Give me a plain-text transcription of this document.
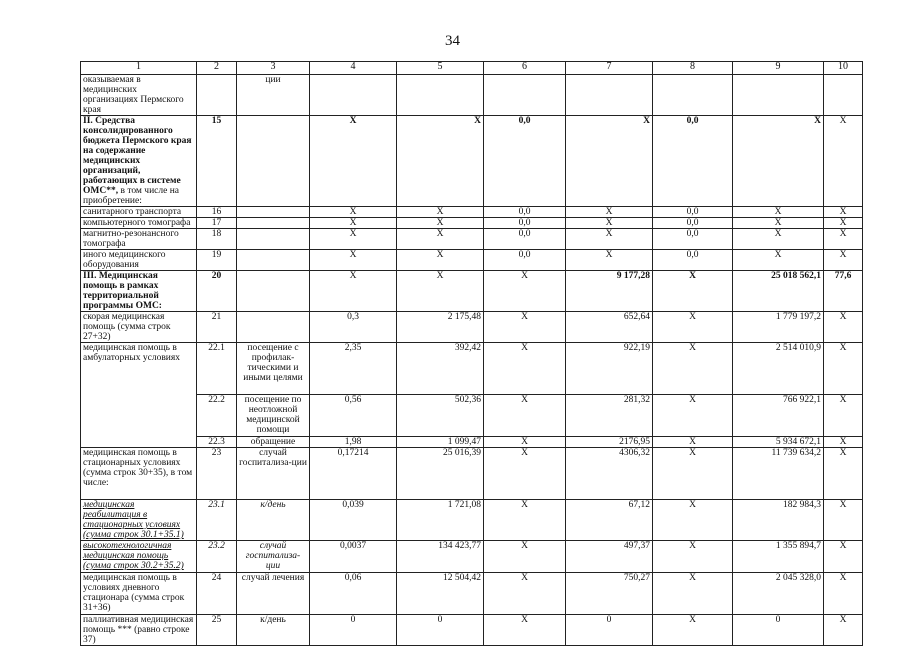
34
1	2	3	4	5	6	7	8	9	10
оказываемая в медицинских организациях Пермского края		ции							
II. Средства консолидированного бюджета Пермского края на содержание медицинских организаций, работающих в системе ОМС**, в том числе на приобретение:	15		X	X	0,0	X	0,0	X	X
санитарного транспорта	16		X	X	0,0	X	0,0	X	X
компьютерного томографа	17		X	X	0,0	X	0,0	X	X
магнитно-резонансного томографа	18		X	X	0,0	X	0,0	X	X
иного медицинского оборудования	19		X	X	0,0	X	0,0	X	X
III. Медицинская помощь в рамках территориальной программы ОМС:	20		X	X	X	9 177,28	X	25 018 562,1	77,6
скорая медицинская помощь (сумма строк 27+32)	21		0,3	2 175,48	X	652,64	X	1 779 197,2	X
медицинская помощь в амбулаторных условиях	22.1	посещение с профилак-тическими и иными целями	2,35	392,42	X	922,19	X	2 514 010,9	X
	22.2	посещение по неотложной медицинской помощи	0,56	502,36	X	281,32	X	766 922,1	X
	22.3	обращение	1,98	1 099,47	X	2176,95	X	5 934 672,1	X
медицинская помощь в стационарных условиях (сумма строк 30+35), в том числе:	23	случай госпитализа-ции	0,17214	25 016,39	X	4306,32	X	11 739 634,2	X
медицинская реабилитация в стационарных условиях (сумма строк 30.1+35.1)	23.1	к/день	0,039	1 721,08	X	67,12	X	182 984,3	X
высокотехнологичная медицинская помощь (сумма строк 30.2+35.2)	23.2	случай госпитализа-ции	0,0037	134 423,77	X	497,37	X	1 355 894,7	X
медицинская помощь в условиях дневного стационара (сумма строк 31+36)	24	случай лечения	0,06	12 504,42	X	750,27	X	2 045 328,0	X
паллиативная медицинская помощь *** (равно строке 37)	25	к/день	0	0	X	0	X	0	X
